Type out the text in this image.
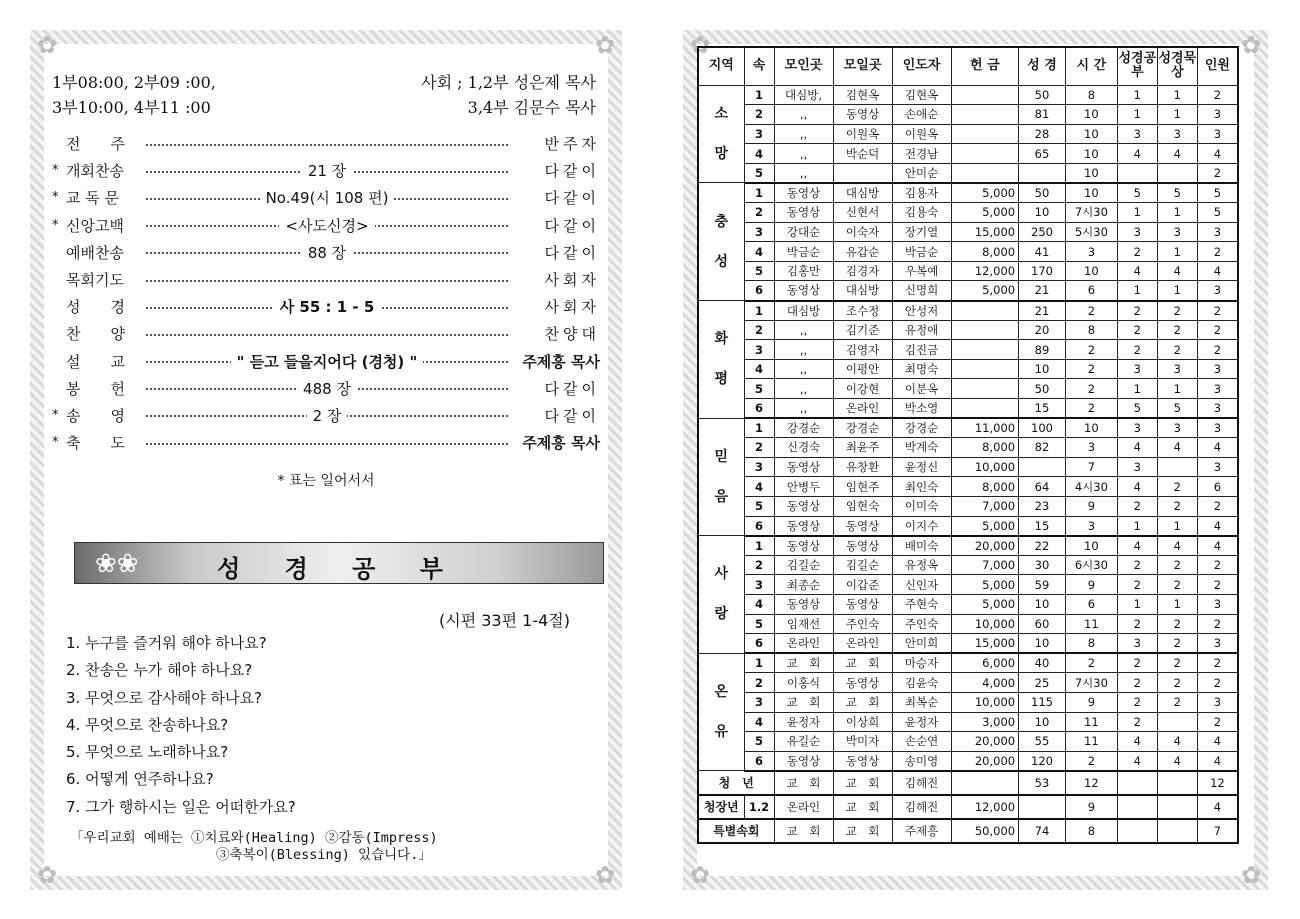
✿	✿
✿	✿
1부08:00, 2부09 :00,
3부10:00, 4부11 :00
사회 ; 1,2부 성은제 목사
3,4부 김문수 목사
전　　주	반주자
* 개회찬송	21 장	다같이
* 교 독 문	No.49(시 108 편)	다같이
* 신앙고백	<사도신경>	다같이
예배찬송	88 장	다같이
목회기도	사회자
성　　경	사 55 : 1 - 5	사회자
찬　　양	찬양대
설　　교	" 듣고 들을지어다 (경청) "	주제흥 목사
봉　　헌	488 장	다같이
* 송　　영	2 장	다같이
* 축　　도	주제흥 목사
* 표는 일어서서
❀❀	성 경 공 부
(시편 33편 1-4절)
1. 누구를 즐거워 해야 하나요?
2. 찬송은 누가 해야 하나요?
3. 무엇으로 감사해야 하나요?
4. 무엇으로 찬송하나요?
5. 무엇으로 노래하나요?
6. 어떻게 연주하나요?
7. 그가 행하시는 일은 어떠한가요?
「우리교회 예배는 ①치료와(Healing) ②감동(Impress)
③축복이(Blessing) 있습니다.」
✿	✿
✿	✿
지역	속	모인곳	모일곳	인도자	헌 금	성 경	시 간	성경공부	성경묵상	인원

소
망	1	대심방,	김현옥	김현옥		50	8	1	1	2
	2	,,	동영상	손애순		81	10	1	1	3
	3	,,	이원옥	이원옥		28	10	3	3	3
	4	,,	박순덕	전경남		65	10	4	4	4
	5	,,		안미순			10			2

충
성	1	동영상	대심방	김용자	5,000	50	10	5	5	5
	2	동영상	신현서	김용숙	5,000	10	7시30	1	1	5
	3	강대순	이숙자	장기열	15,000	250	5시30	3	3	3
	4	박금순	유갑순	박금순	8,000	41	3	2	1	2
	5	김홍만	김경자	우복예	12,000	170	10	4	4	4
	6	동영상	대심방	신명희	5,000	21	6	1	1	3

화
평	1	대심방	조수정	안성저		21	2	2	2	2
	2	,,	김기준	유정애		20	8	2	2	2
	3	,,	김영자	김진금		89	2	2	2	2
	4	,,	이평안	최명숙		10	2	3	3	3
	5	,,	이강현	이분옥		50	2	1	1	3
	6	,,	온라인	박소영		15	2	5	5	3

믿
음	1	강경순	강경순	강경순	11,000	100	10	3	3	3
	2	신경숙	최윤주	박계숙	8,000	82	3	4	4	4
	3	동영상	유창환	윤정신	10,000		7	3		3
	4	안병두	임현주	최인숙	8,000	64	4시30	4	2	6
	5	동영상	임현숙	이미숙	7,000	23	9	2	2	2
	6	동영상	동영상	이지수	5,000	15	3	1	1	4

사
랑	1	동영상	동영상	배미숙	20,000	22	10	4	4	4
	2	김길순	김길순	유정옥	7,000	30	6시30	2	2	2
	3	최종순	이갑준	신인자	5,000	59	9	2	2	2
	4	동영상	동영상	주현숙	5,000	10	6	1	1	3
	5	임재선	주인숙	주인숙	10,000	60	11	2	2	2
	6	온라인	온라인	안미희	15,000	10	8	3	2	3

온
유	1	교　회	교　회	마승자	6,000	40	2	2	2	2
	2	이홍식	동영상	김윤숙	4,000	25	7시30	2	2	2
	3	교　회	교　회	최복순	10,000	115	9	2	2	3
	4	윤정자	이상희	윤정자	3,000	10	11	2		2
	5	유길순	박미자	손순연	20,000	55	11	4	4	4
	6	동영상	동영상	송미영	20,000	120	2	4	4	4
청　년		교　회	교　회	김해진		53	12			12
청장년	1.2	온라인	교　회	김해진	12,000		9			4
특별속회		교　회	교　회	주제흥	50,000	74	8			7
